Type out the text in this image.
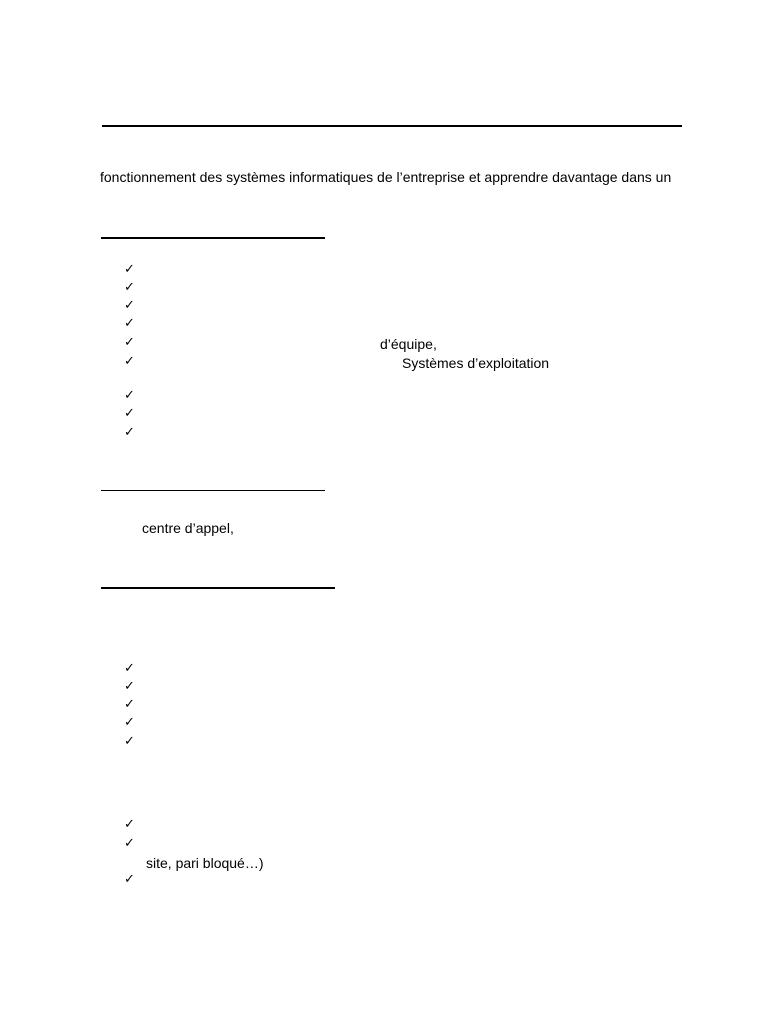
fonctionnement des systèmes informatiques de l’entreprise et apprendre davantage dans un
✓
✓
✓
✓
✓
✓
✓
✓
✓
d’équipe,
Systèmes d’exploitation
centre d’appel,
✓
✓
✓
✓
✓
✓
✓
✓
site, pari bloqué…)
